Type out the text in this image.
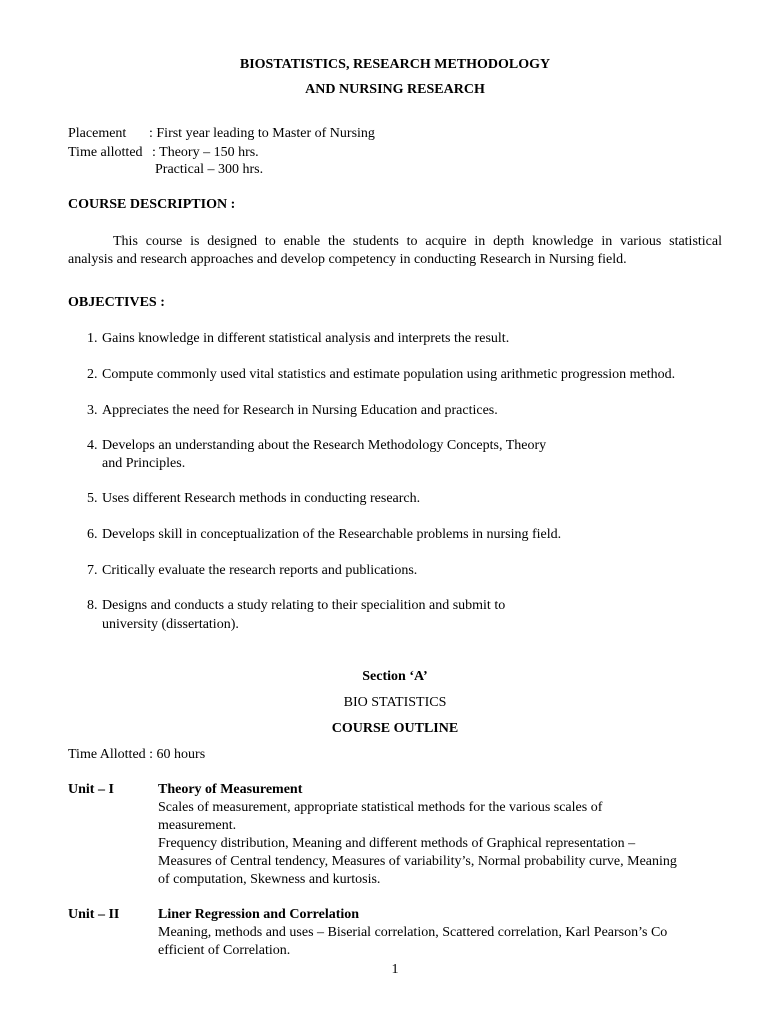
BIOSTATISTICS, RESEARCH METHODOLOGY
AND NURSING RESEARCH
Placement : First year leading to Master of Nursing
Time allotted : Theory – 150 hrs.
Practical – 300 hrs.
COURSE DESCRIPTION :
This course is designed to enable the students to acquire in depth knowledge in various statistical
analysis and research approaches and develop competency in conducting Research in Nursing field.
OBJECTIVES :
1. Gains knowledge in different statistical analysis and interprets the result.
2. Compute commonly used vital statistics and estimate population using arithmetic progression method.
3. Appreciates the need for Research in Nursing Education and practices.
4. Develops an understanding about the Research Methodology Concepts, Theory
and Principles.
5. Uses different Research methods in conducting research.
6. Develops skill in conceptualization of the Researchable problems in nursing field.
7. Critically evaluate the research reports and publications.
8. Designs and conducts a study relating to their specialition and submit to
university (dissertation).
Section ‘A’
BIO STATISTICS
COURSE OUTLINE
Time Allotted : 60 hours
Unit – I	Theory of Measurement
Scales of measurement, appropriate statistical methods for the various scales of
measurement.
Frequency distribution, Meaning and different methods of Graphical representation –
Measures of Central tendency, Measures of variability’s, Normal probability curve, Meaning
of computation, Skewness and kurtosis.
Unit – II	Liner Regression and Correlation
Meaning, methods and uses – Biserial correlation, Scattered correlation, Karl Pearson’s Co
efficient of Correlation.
1
